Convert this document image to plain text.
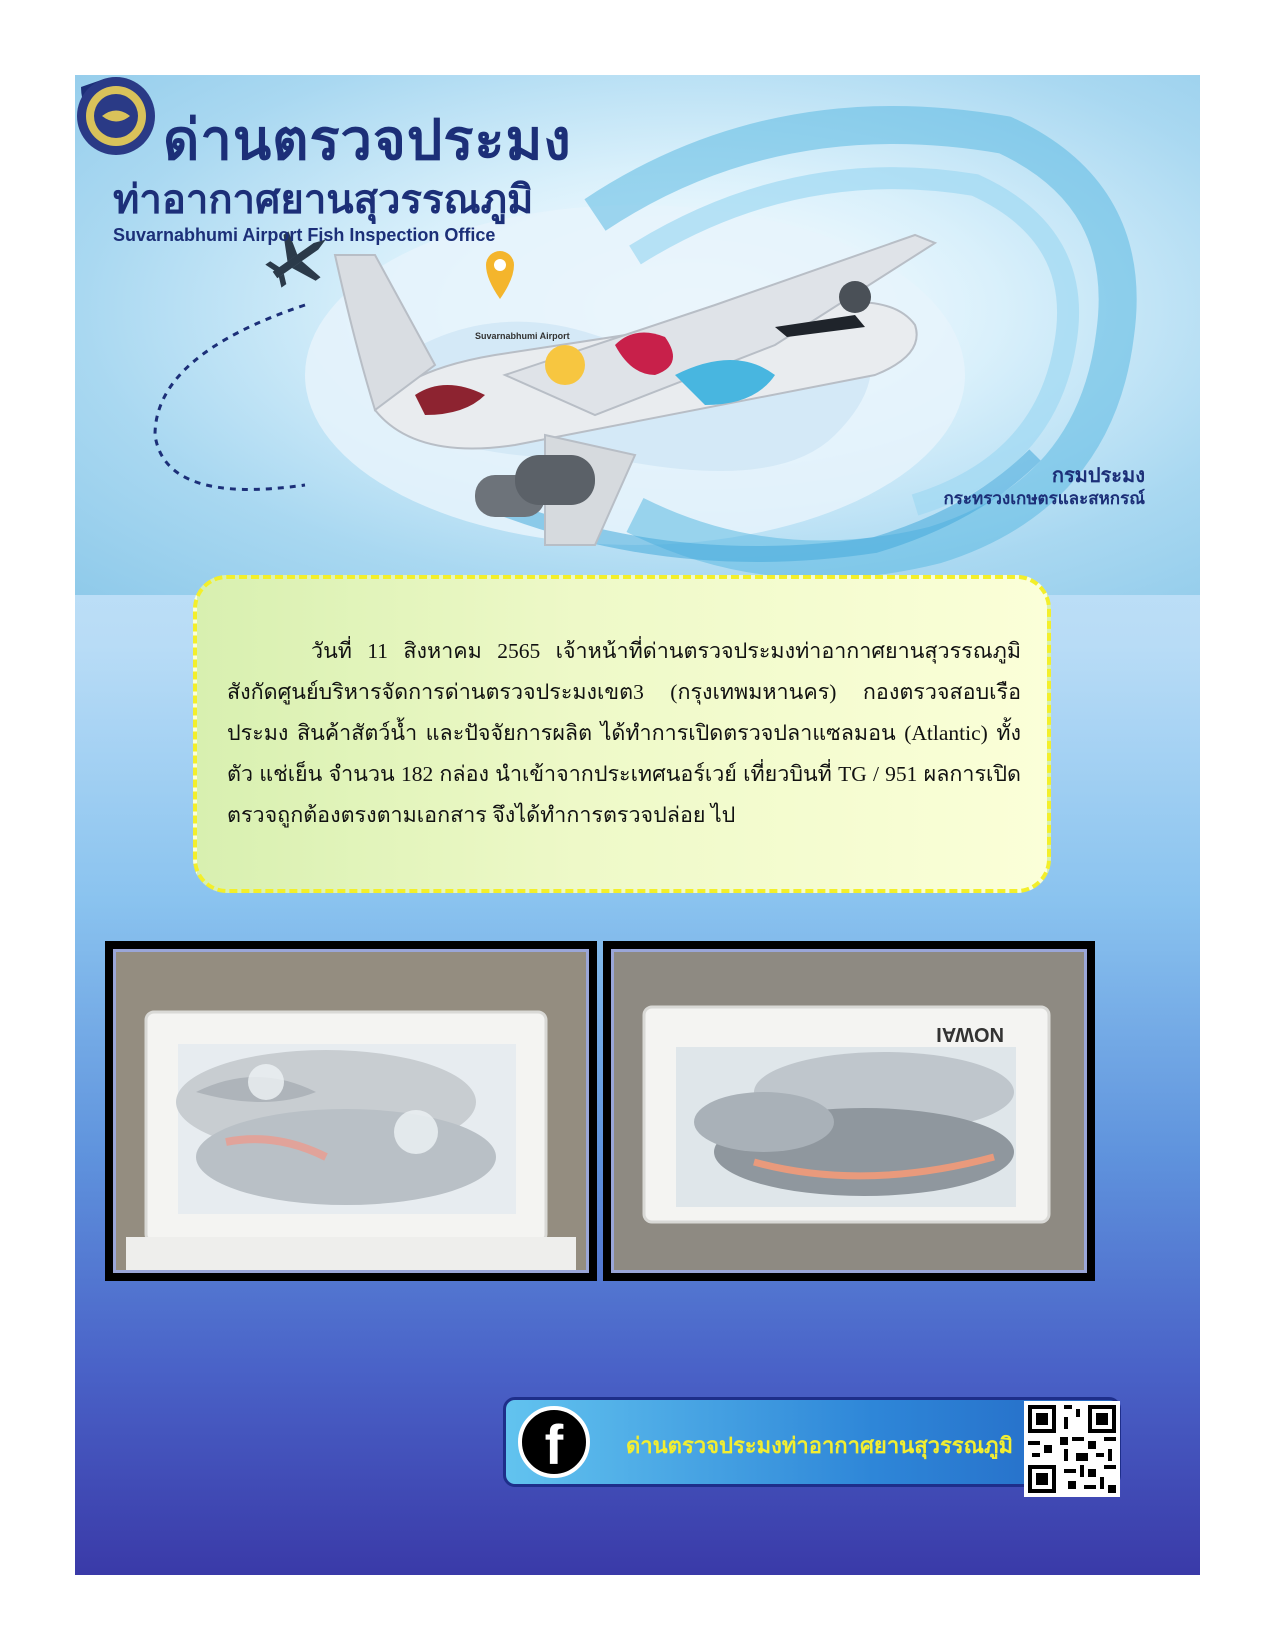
ด่านตรวจประมง
ท่าอากาศยานสุวรรณภูมิ
Suvarnabhumi Airport Fish Inspection Office
Suvarnabhumi Airport
กรมประมง
กระทรวงเกษตรและสหกรณ์

วันที่ 11 สิงหาคม 2565 เจ้าหน้าที่ด่านตรวจประมงท่าอากาศยานสุวรรณภูมิ สังกัดศูนย์บริหารจัดการด่านตรวจประมงเขต3 (กรุงเทพมหานคร) กองตรวจสอบเรือประมง สินค้าสัตว์น้ำ และปัจจัยการผลิต ได้ทำการเปิดตรวจปลาแซลมอน (Atlantic) ทั้งตัว แช่เย็น จำนวน 182 กล่อง นำเข้าจากประเทศนอร์เวย์ เที่ยวบินที่ TG / 951 ผลการเปิดตรวจถูกต้องตรงตามเอกสาร จึงได้ทำการตรวจปล่อย ไป

NOWAI
f	ด่านตรวจประมงท่าอากาศยานสุวรรณภูมิ
